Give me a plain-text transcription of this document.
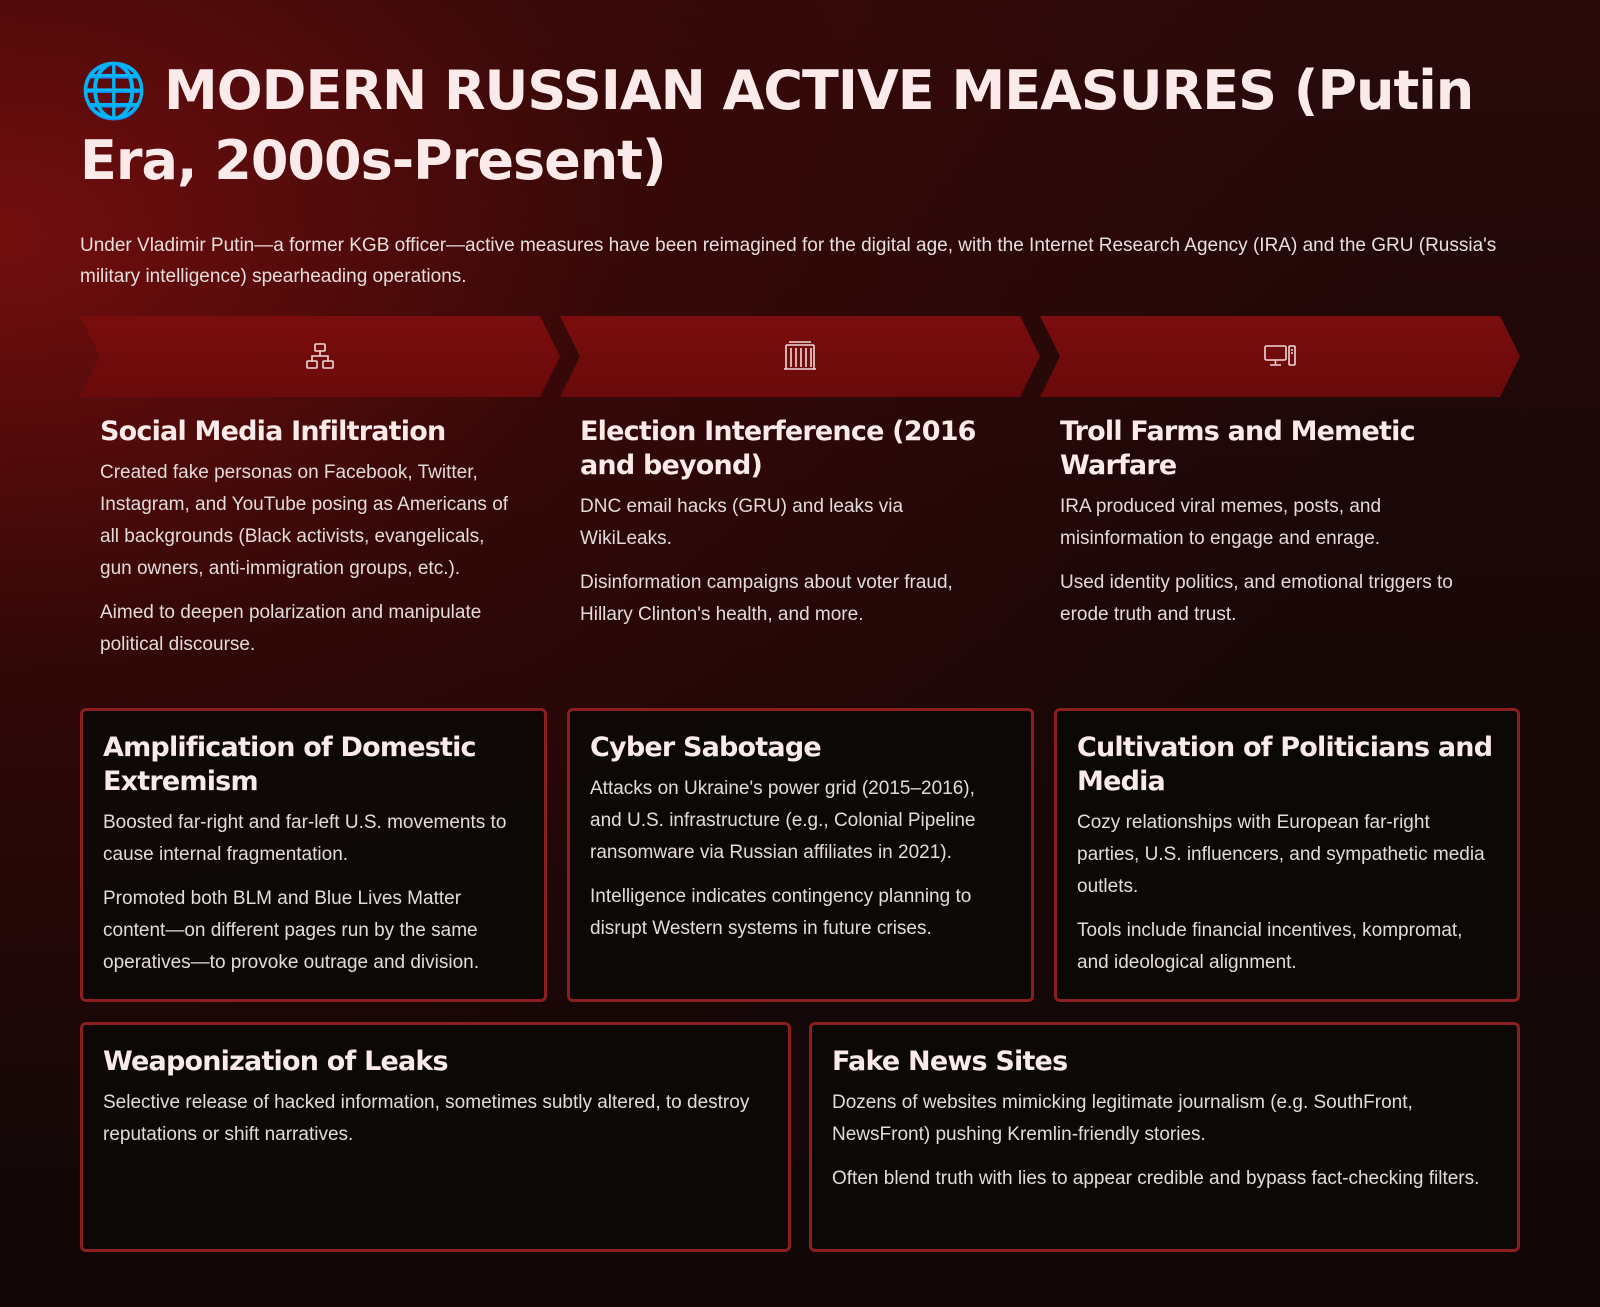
🌐 MODERN RUSSIAN ACTIVE MEASURES (Putin Era, 2000s-Present)

Under Vladimir Putin—a former KGB officer—active measures have been reimagined for the digital age, with the Internet Research Agency (IRA) and the GRU (Russia's military intelligence) spearheading operations.

Social Media Infiltration

Created fake personas on Facebook, Twitter, Instagram, and YouTube posing as Americans of all backgrounds (Black activists, evangelicals, gun owners, anti-immigration groups, etc.).

Aimed to deepen polarization and manipulate political discourse.

Election Interference (2016 and beyond)

DNC email hacks (GRU) and leaks via WikiLeaks.

Disinformation campaigns about voter fraud, Hillary Clinton's health, and more.

Troll Farms and Memetic Warfare

IRA produced viral memes, posts, and misinformation to engage and enrage.

Used identity politics, and emotional triggers to erode truth and trust.

Amplification of Domestic Extremism

Boosted far-right and far-left U.S. movements to cause internal fragmentation.

Promoted both BLM and Blue Lives Matter content—on different pages run by the same operatives—to provoke outrage and division.

Cyber Sabotage

Attacks on Ukraine's power grid (2015–2016), and U.S. infrastructure (e.g., Colonial Pipeline ransomware via Russian affiliates in 2021).

Intelligence indicates contingency planning to disrupt Western systems in future crises.

Cultivation of Politicians and Media

Cozy relationships with European far-right parties, U.S. influencers, and sympathetic media outlets.

Tools include financial incentives, kompromat, and ideological alignment.

Weaponization of Leaks

Selective release of hacked information, sometimes subtly altered, to destroy reputations or shift narratives.

Fake News Sites

Dozens of websites mimicking legitimate journalism (e.g. SouthFront, NewsFront) pushing Kremlin-friendly stories.

Often blend truth with lies to appear credible and bypass fact-checking filters.
